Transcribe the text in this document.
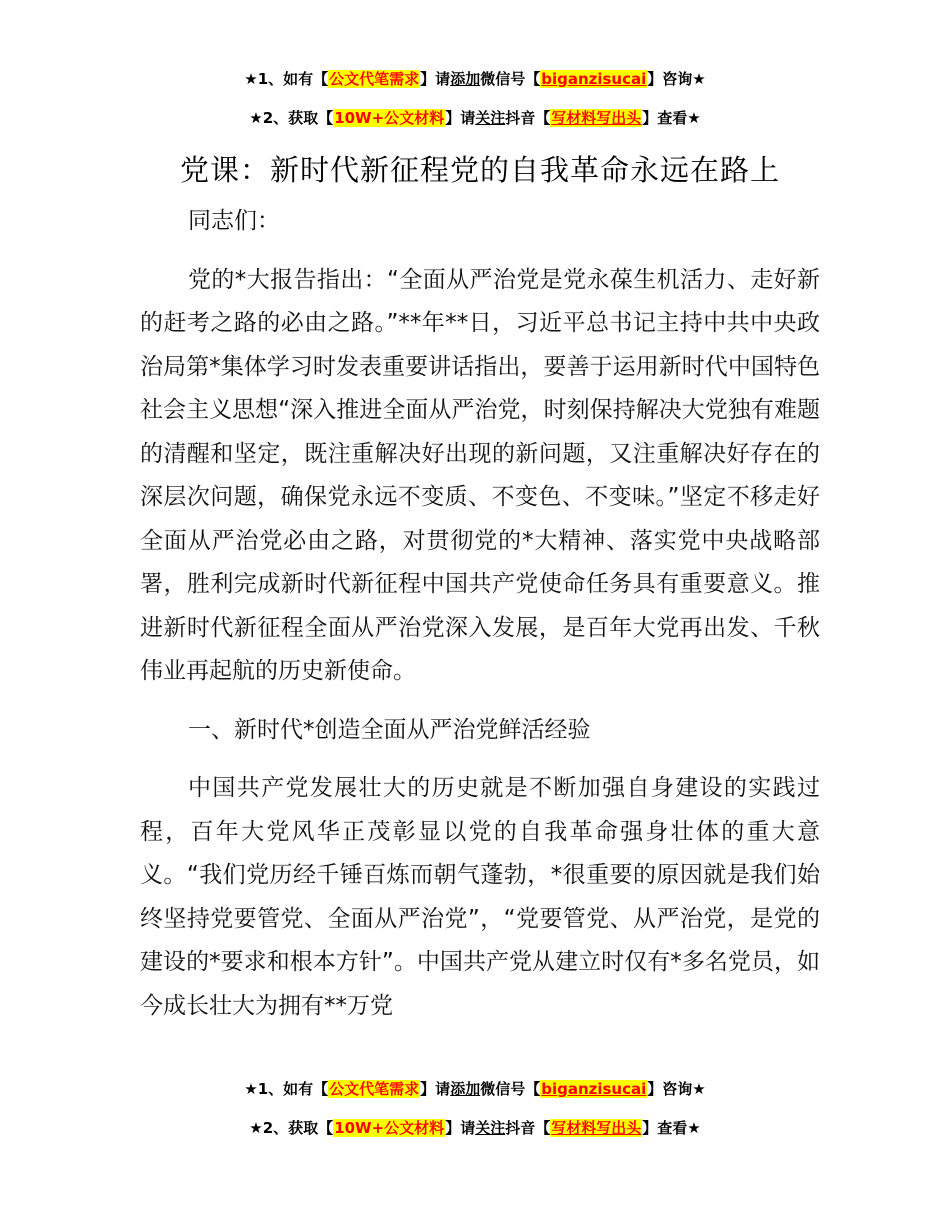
★1、如有【公文代笔需求】请添加微信号【biganzisucai】咨询★
★2、获取【10W+公文材料】请关注抖音【写材料写出头】查看★
党课：新时代新征程党的自我革命永远在路上

同志们：

党的*大报告指出：“全面从严治党是党永葆生机活力、走好新的赶考之路的必由之路。”**年**日，习近平总书记主持中共中央政治局第*集体学习时发表重要讲话指出，要善于运用新时代中国特色社会主义思想“深入推进全面从严治党，时刻保持解决大党独有难题的清醒和坚定，既注重解决好出现的新问题，又注重解决好存在的深层次问题，确保党永远不变质、不变色、不变味。”坚定不移走好全面从严治党必由之路，对贯彻党的*大精神、落实党中央战略部署，胜利完成新时代新征程中国共产党使命任务具有重要意义。推进新时代新征程全面从严治党深入发展，是百年大党再出发、千秋伟业再起航的历史新使命。

一、新时代*创造全面从严治党鲜活经验

中国共产党发展壮大的历史就是不断加强自身建设的实践过程，百年大党风华正茂彰显以党的自我革命强身壮体的重大意义。“我们党历经千锤百炼而朝气蓬勃，*很重要的原因就是我们始终坚持党要管党、全面从严治党”，“党要管党、从严治党，是党的建设的*要求和根本方针”。中国共产党从建立时仅有*多名党员，如今成长壮大为拥有**万党

★1、如有【公文代笔需求】请添加微信号【biganzisucai】咨询★
★2、获取【10W+公文材料】请关注抖音【写材料写出头】查看★
